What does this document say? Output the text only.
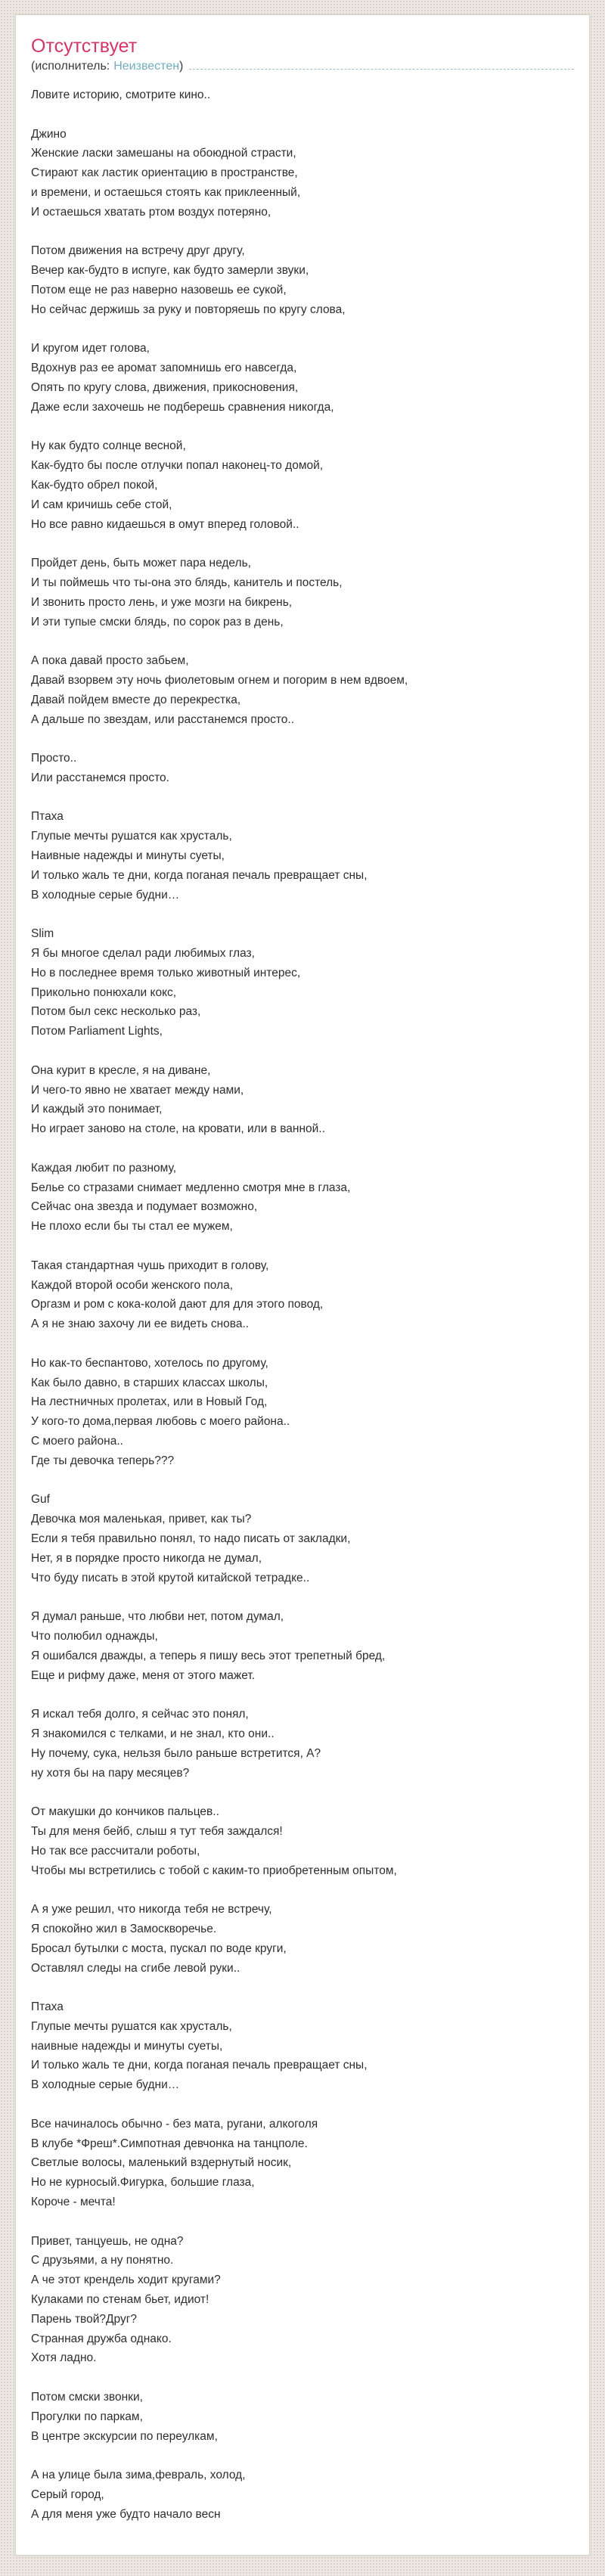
Отсутствует
(исполнитель: Неизвестен )
Ловите историю, смотрите кино..
Джино
Женские ласки замешаны на обоюдной страсти,
Стирают как ластик ориентацию в пространстве,
и времени, и остаешься стоять как приклеенный,
И остаешься хватать ртом воздух потеряно,
Потом движения на встречу друг другу,
Вечер как-будто в испуге, как будто замерли звуки,
Потом еще не раз наверно назовешь ее сукой,
Но сейчас держишь за руку и повторяешь по кругу слова,
И кругом идет голова,
Вдохнув раз ее аромат запомнишь его навсегда,
Опять по кругу слова, движения, прикосновения,
Даже если захочешь не подберешь сравнения никогда,
Ну как будто солнце весной,
Как-будто бы после отлучки попал наконец-то домой,
Как-будто обрел покой,
И сам кричишь себе стой,
Но все равно кидаешься в омут вперед головой..
Пройдет день, быть может пара недель,
И ты поймешь что ты-она это блядь, канитель и постель,
И звонить просто лень, и уже мозги на бикрень,
И эти тупые смски блядь, по сорок раз в день,
А пока давай просто забьем,
Давай взорвем эту ночь фиолетовым огнем и погорим в нем вдвоем,
Давай пойдем вместе до перекрестка,
А дальше по звездам, или расстанемся просто..
Просто..
Или расстанемся просто.
Птаха
Глупые мечты рушатся как хрусталь,
Наивные надежды и минуты суеты,
И только жаль те дни, когда поганая печаль превращает сны,
В холодные серые будни…
Slim
Я бы многое сделал ради любимых глаз,
Но в последнее время только животный интерес,
Прикольно понюхали кокс,
Потом был секс несколько раз,
Потом Parliament Lights,
Она курит в кресле, я на диване,
И чего-то явно не хватает между нами,
И каждый это понимает,
Но играет заново на столе, на кровати, или в ванной..
Каждая любит по разному,
Белье со стразами снимает медленно смотря мне в глаза,
Сейчас она звезда и подумает возможно,
Не плохо если бы ты стал ее мужем,
Такая стандартная чушь приходит в голову,
Каждой второй особи женского пола,
Оргазм и ром с кока-колой дают для для этого повод,
А я не знаю захочу ли ее видеть снова..
Но как-то беспантово, хотелось по другому,
Как было давно, в старших классах школы,
На лестничных пролетах, или в Новый Год,
У кого-то дома,первая любовь с моего района..
С моего района..
Где ты девочка теперь???
Guf
Девочка моя маленькая, привет, как ты?
Если я тебя правильно понял, то надо писать от закладки,
Нет, я в порядке просто никогда не думал,
Что буду писать в этой крутой китайской тетрадке..
Я думал раньше, что любви нет, потом думал,
Что полюбил однажды,
Я ошибался дважды, а теперь я пишу весь этот трепетный бред,
Еще и рифму даже, меня от этого мажет.
Я искал тебя долго, я сейчас это понял,
Я знакомился с телками, и не знал, кто они..
Ну почему, сука, нельзя было раньше встретится, А?
ну хотя бы на пару месяцев?
От макушки до кончиков пальцев..
Ты для меня бейб, слыш я тут тебя заждался!
Но так все рассчитали роботы,
Чтобы мы встретились с тобой с каким-то приобретенным опытом,
А я уже решил, что никогда тебя не встречу,
Я спокойно жил в Замоскворечье.
Бросал бутылки с моста, пускал по воде круги,
Оставлял следы на сгибе левой руки..
Птаха
Глупые мечты рушатся как хрусталь,
наивные надежды и минуты суеты,
И только жаль те дни, когда поганая печаль превращает сны,
В холодные серые будни…
Все начиналось обычно - без мата, ругани, алкоголя
В клубе *Фреш*.Симпотная девчонка на танцполе.
Светлые волосы, маленький вздернутый носик,
Но не курносый.Фигурка, большие глаза,
Короче - мечта!
Привет, танцуешь, не одна?
С друзьями, а ну понятно.
А че этот крендель ходит кругами?
Кулаками по стенам бьет, идиот!
Парень твой?Друг?
Странная дружба однако.
Хотя ладно.
Потом смски звонки,
Прогулки по паркам,
В центре экскурсии по переулкам,
А на улице была зима,февраль, холод,
Серый город,
А для меня уже будто начало весн
